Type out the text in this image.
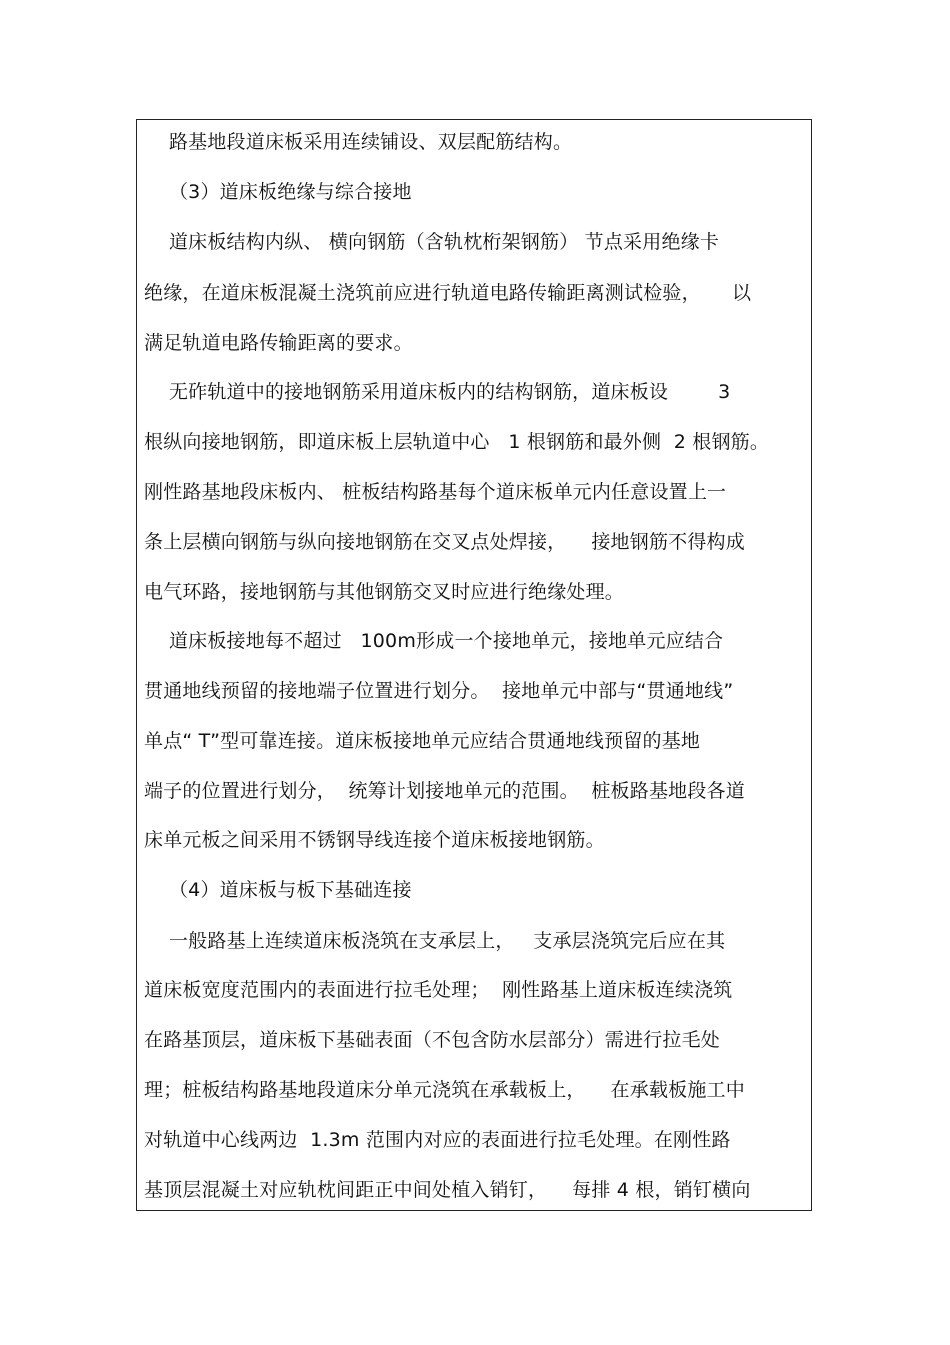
路基地段道床板采用连续铺设、双层配筋结构。
（3）道床板绝缘与综合接地
道床板结构内纵、 横向钢筋（含轨枕桁架钢筋） 节点采用绝缘卡
绝缘，在道床板混凝土浇筑前应进行轨道电路传输距离测试检验，     以
满足轨道电路传输距离的要求。
无砟轨道中的接地钢筋采用道床板内的结构钢筋，道床板设        3
根纵向接地钢筋，即道床板上层轨道中心   1 根钢筋和最外侧  2 根钢筋。
刚性路基地段床板内、 桩板结构路基每个道床板单元内任意设置上一
条上层横向钢筋与纵向接地钢筋在交叉点处焊接，    接地钢筋不得构成
电气环路，接地钢筋与其他钢筋交叉时应进行绝缘处理。
道床板接地每不超过   100m形成一个接地单元，接地单元应结合
贯通地线预留的接地端子位置进行划分。  接地单元中部与“贯通地线”
单点“ T”型可靠连接。道床板接地单元应结合贯通地线预留的基地
端子的位置进行划分，  统筹计划接地单元的范围。  桩板路基地段各道
床单元板之间采用不锈钢导线连接个道床板接地钢筋。
（4）道床板与板下基础连接
一般路基上连续道床板浇筑在支承层上，   支承层浇筑完后应在其
道床板宽度范围内的表面进行拉毛处理；  刚性路基上道床板连续浇筑
在路基顶层，道床板下基础表面（不包含防水层部分）需进行拉毛处
理；桩板结构路基地段道床分单元浇筑在承载板上，    在承载板施工中
对轨道中心线两边  1.3m 范围内对应的表面进行拉毛处理。在刚性路
基顶层混凝土对应轨枕间距正中间处植入销钉，    每排 4 根，销钉横向
